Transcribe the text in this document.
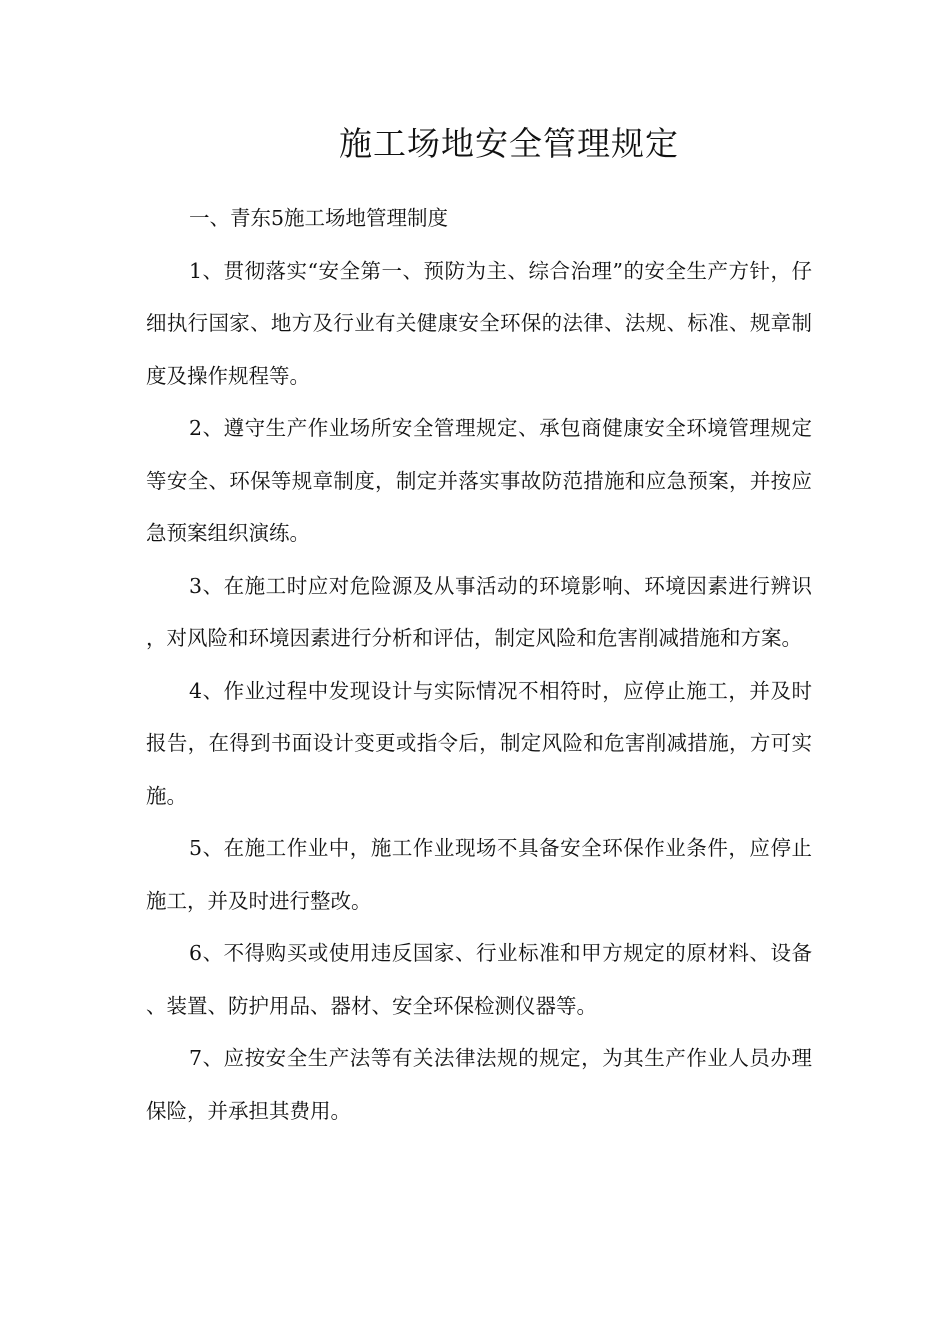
施工场地安全管理规定

一、青东5施工场地管理制度

1、贯彻落实“安全第一、预防为主、综合治理”的安全生产方针，仔细执行国家、地方及行业有关健康安全环保的法律、法规、标准、规章制度及操作规程等。

2、遵守生产作业场所安全管理规定、承包商健康安全环境管理规定等安全、环保等规章制度，制定并落实事故防范措施和应急预案，并按应急预案组织演练。

3、在施工时应对危险源及从事活动的环境影响、环境因素进行辨识，对风险和环境因素进行分析和评估，制定风险和危害削减措施和方案。

4、作业过程中发现设计与实际情况不相符时，应停止施工，并及时报告，在得到书面设计变更或指令后，制定风险和危害削减措施，方可实施。

5、在施工作业中，施工作业现场不具备安全环保作业条件，应停止施工，并及时进行整改。

6、不得购买或使用违反国家、行业标准和甲方规定的原材料、设备、装置、防护用品、器材、安全环保检测仪器等。

7、应按安全生产法等有关法律法规的规定，为其生产作业人员办理保险，并承担其费用。
